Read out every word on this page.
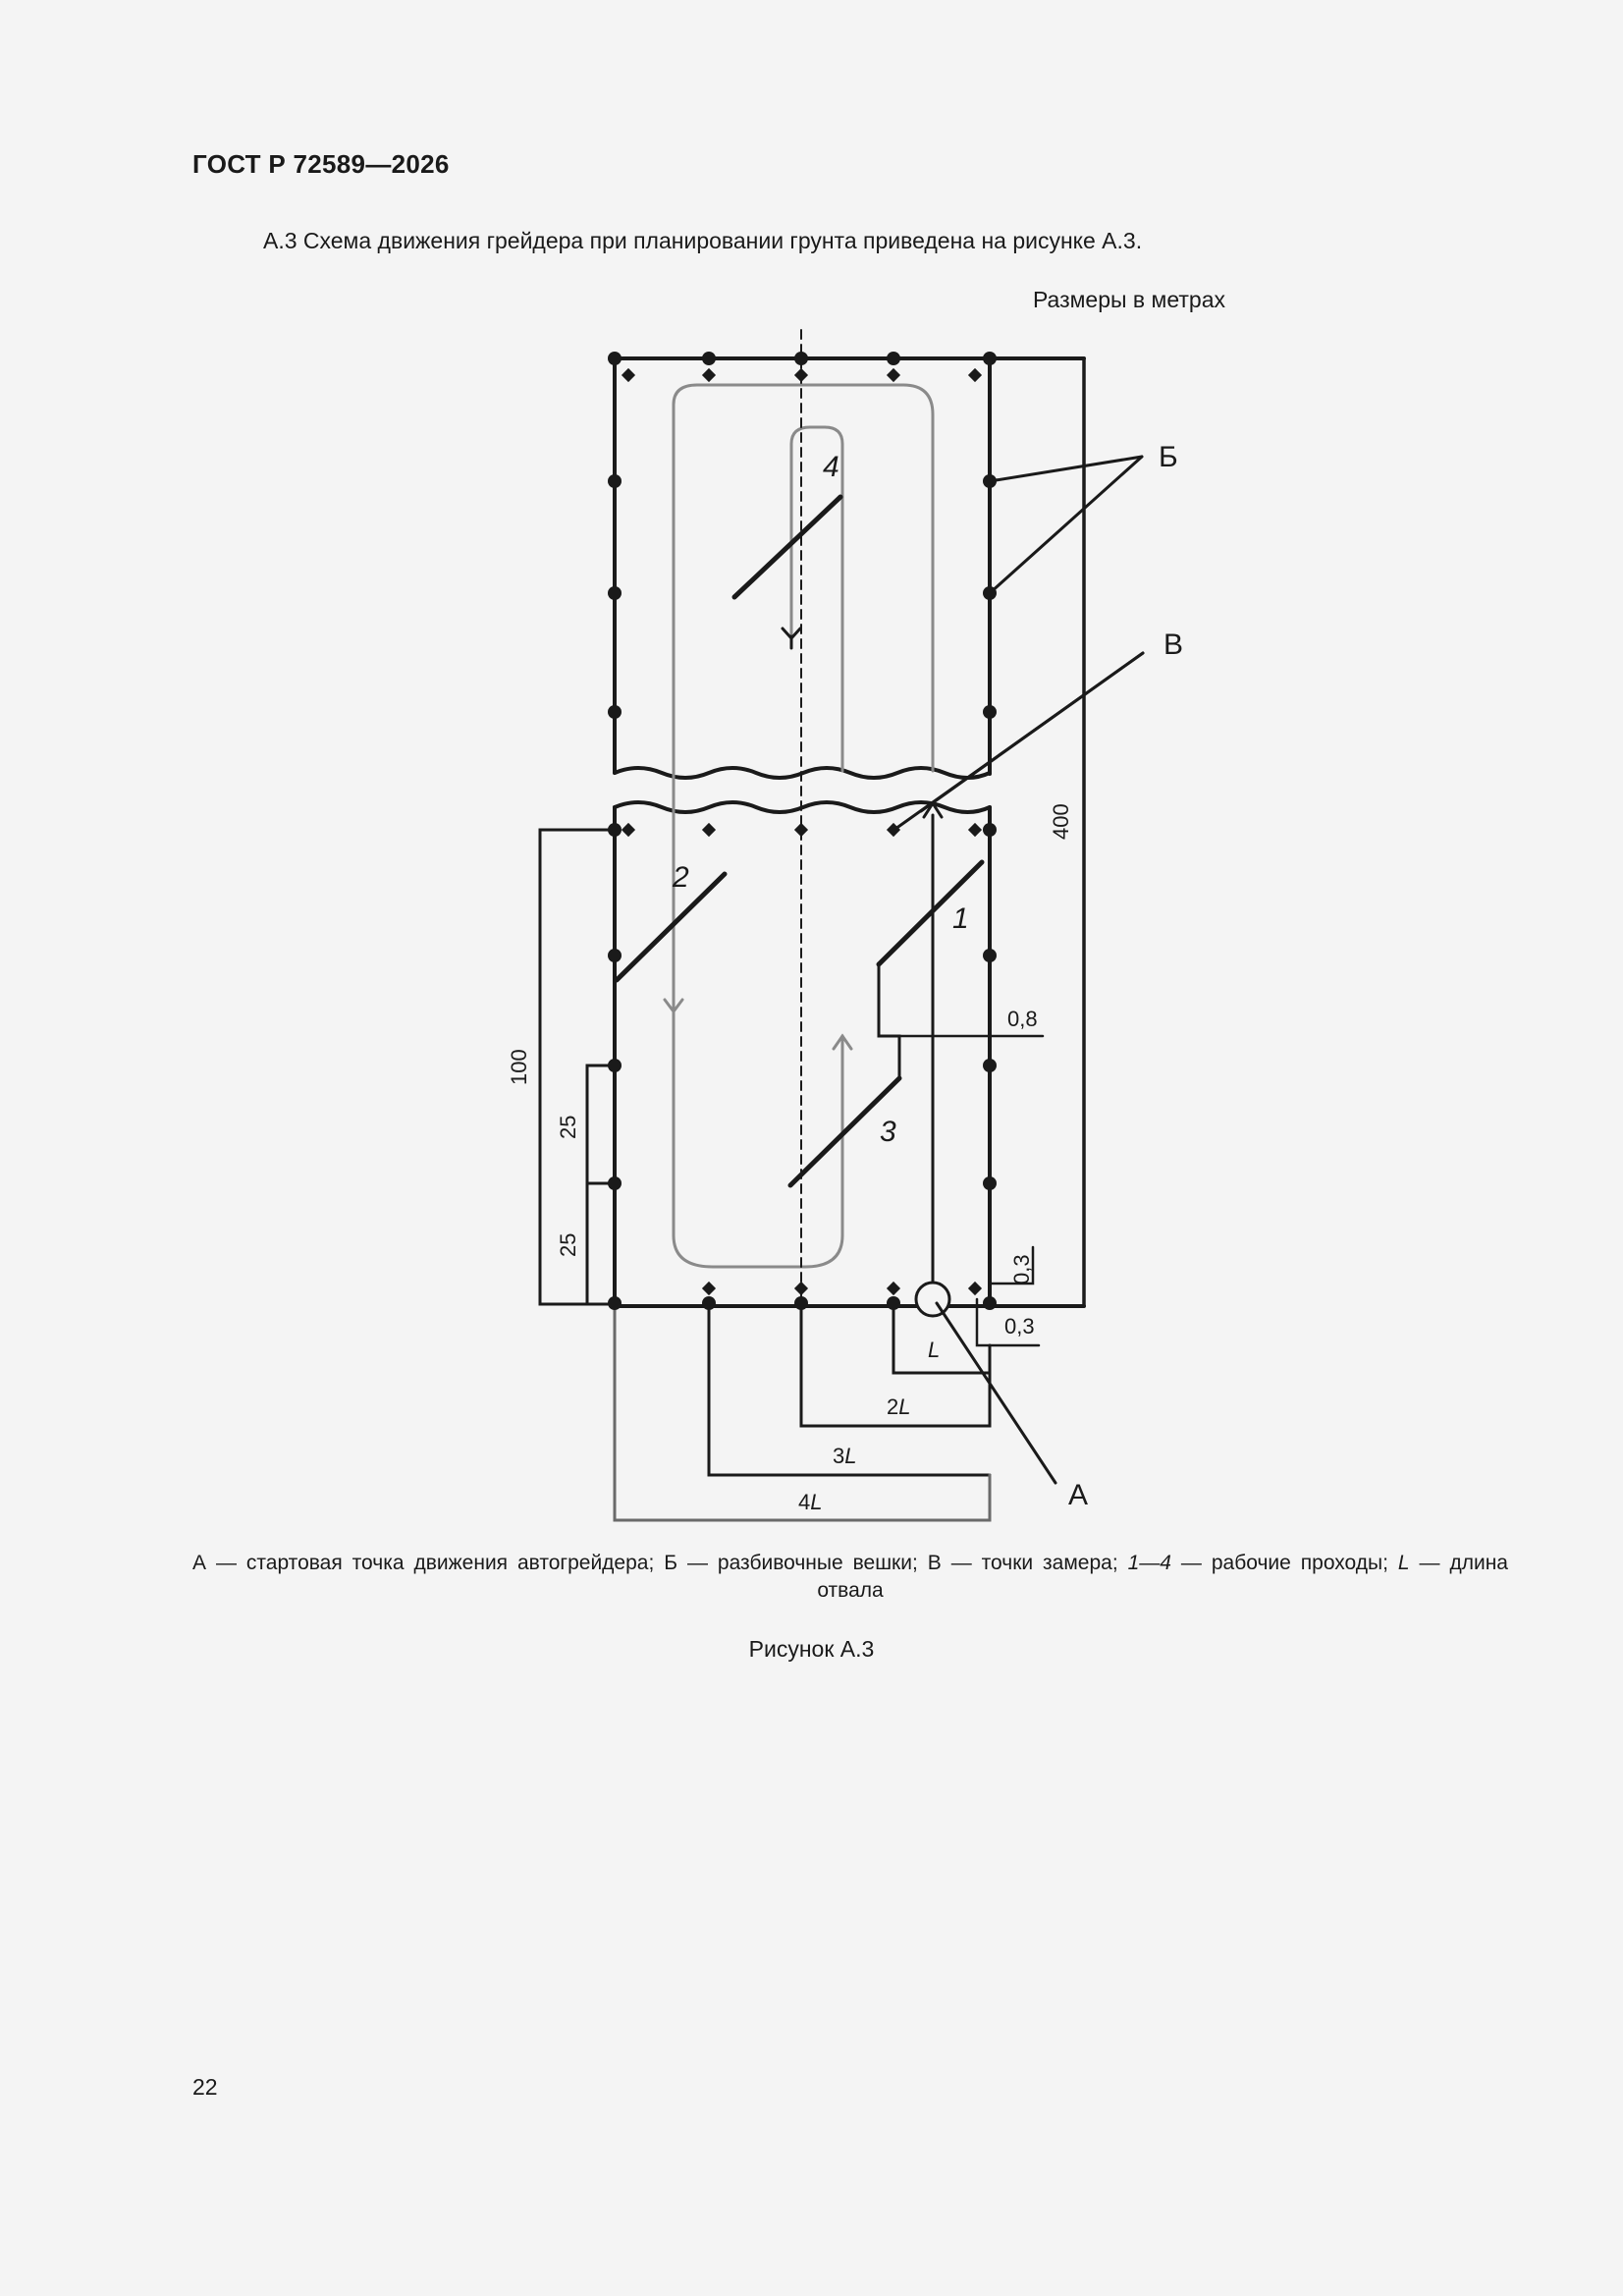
ГОСТ Р 72589—2026
А.3 Схема движения грейдера при планировании грунта приведена на рисунке А.3.
Размеры в метрах
Б
В
А
4
2
3
1
400
100
25
25
0,8
0,3
0,3
L
2L
3L
4L
А — стартовая точка движения автогрейдера; Б — разбивочные вешки; В — точки замера; 1—4 — рабочие проходы; L — длина
отвала
Рисунок А.3
22
